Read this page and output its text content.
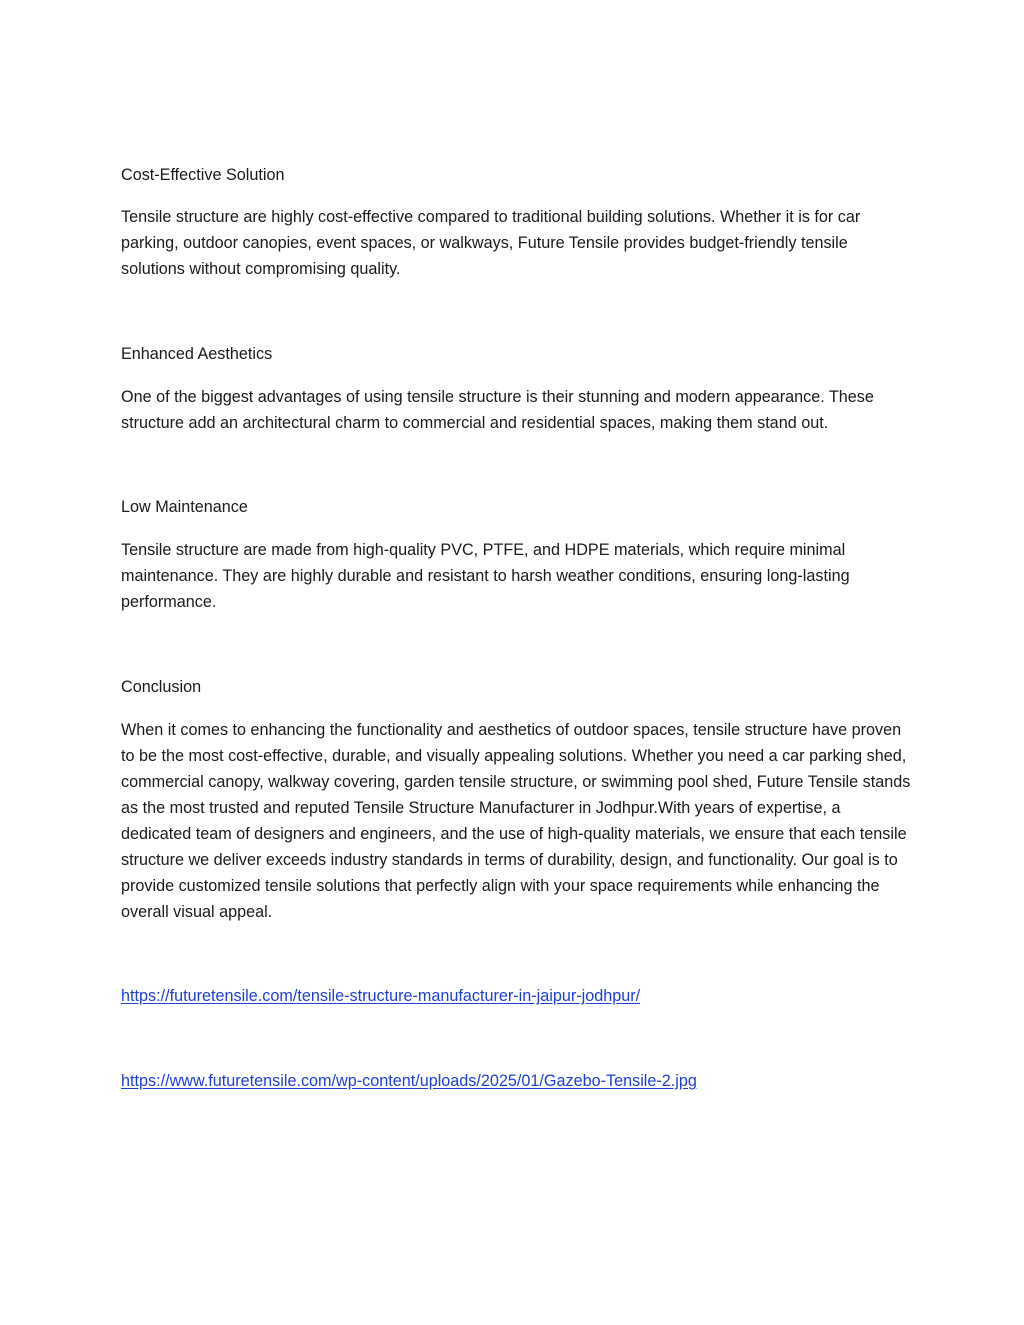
Cost-Effective Solution

Tensile structure are highly cost-effective compared to traditional building solutions. Whether it is for car parking, outdoor canopies, event spaces, or walkways, Future Tensile provides budget-friendly tensile solutions without compromising quality.

Enhanced Aesthetics

One of the biggest advantages of using tensile structure is their stunning and modern appearance. These structure add an architectural charm to commercial and residential spaces, making them stand out.

Low Maintenance

Tensile structure are made from high-quality PVC, PTFE, and HDPE materials, which require minimal maintenance. They are highly durable and resistant to harsh weather conditions, ensuring long-lasting performance.

Conclusion

When it comes to enhancing the functionality and aesthetics of outdoor spaces, tensile structure have proven to be the most cost-effective, durable, and visually appealing solutions. Whether you need a car parking shed, commercial canopy, walkway covering, garden tensile structure, or swimming pool shed, Future Tensile stands as the most trusted and reputed Tensile Structure Manufacturer in Jodhpur.With years of expertise, a dedicated team of designers and engineers, and the use of high-quality materials, we ensure that each tensile structure we deliver exceeds industry standards in terms of durability, design, and functionality. Our goal is to provide customized tensile solutions that perfectly align with your space requirements while enhancing the overall visual appeal.

https://futuretensile.com/tensile-structure-manufacturer-in-jaipur-jodhpur/

https://www.futuretensile.com/wp-content/uploads/2025/01/Gazebo-Tensile-2.jpg
